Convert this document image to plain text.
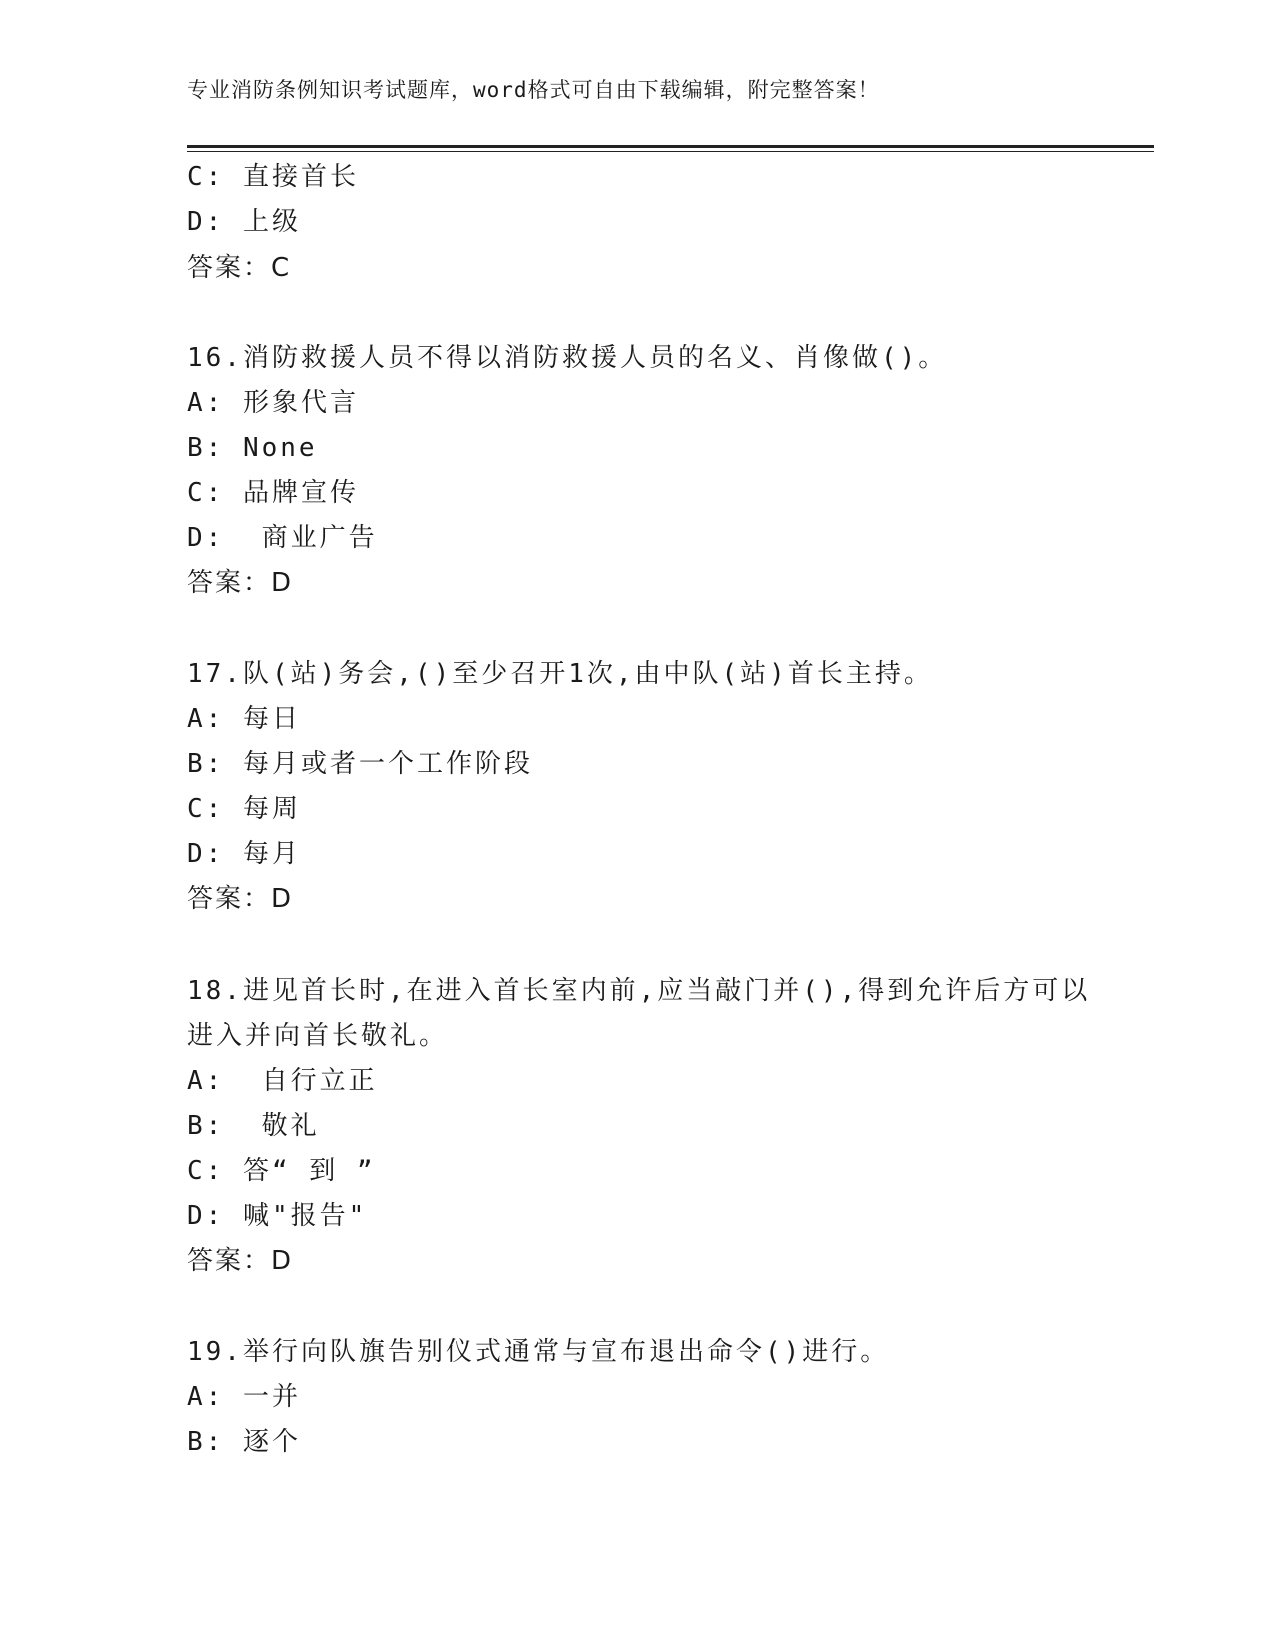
专业消防条例知识考试题库，word格式可自由下载编辑，附完整答案！
C: 直接首长
D: 上级
答案：C
16.消防救援人员不得以消防救援人员的名义、肖像做()。
A: 形象代言
B: None
C: 品牌宣传
D:  商业广告
答案：D
17.队(站)务会,()至少召开1次,由中队(站)首长主持。
A: 每日
B: 每月或者一个工作阶段
C: 每周
D: 每月
答案：D
18.进见首长时,在进入首长室内前,应当敲门并(),得到允许后方可以
进入并向首长敬礼。
A:  自行立正
B:  敬礼
C: 答“ 到 ”
D: 喊"报告"
答案：D
19.举行向队旗告别仪式通常与宣布退出命令()进行。
A: 一并
B: 逐个
